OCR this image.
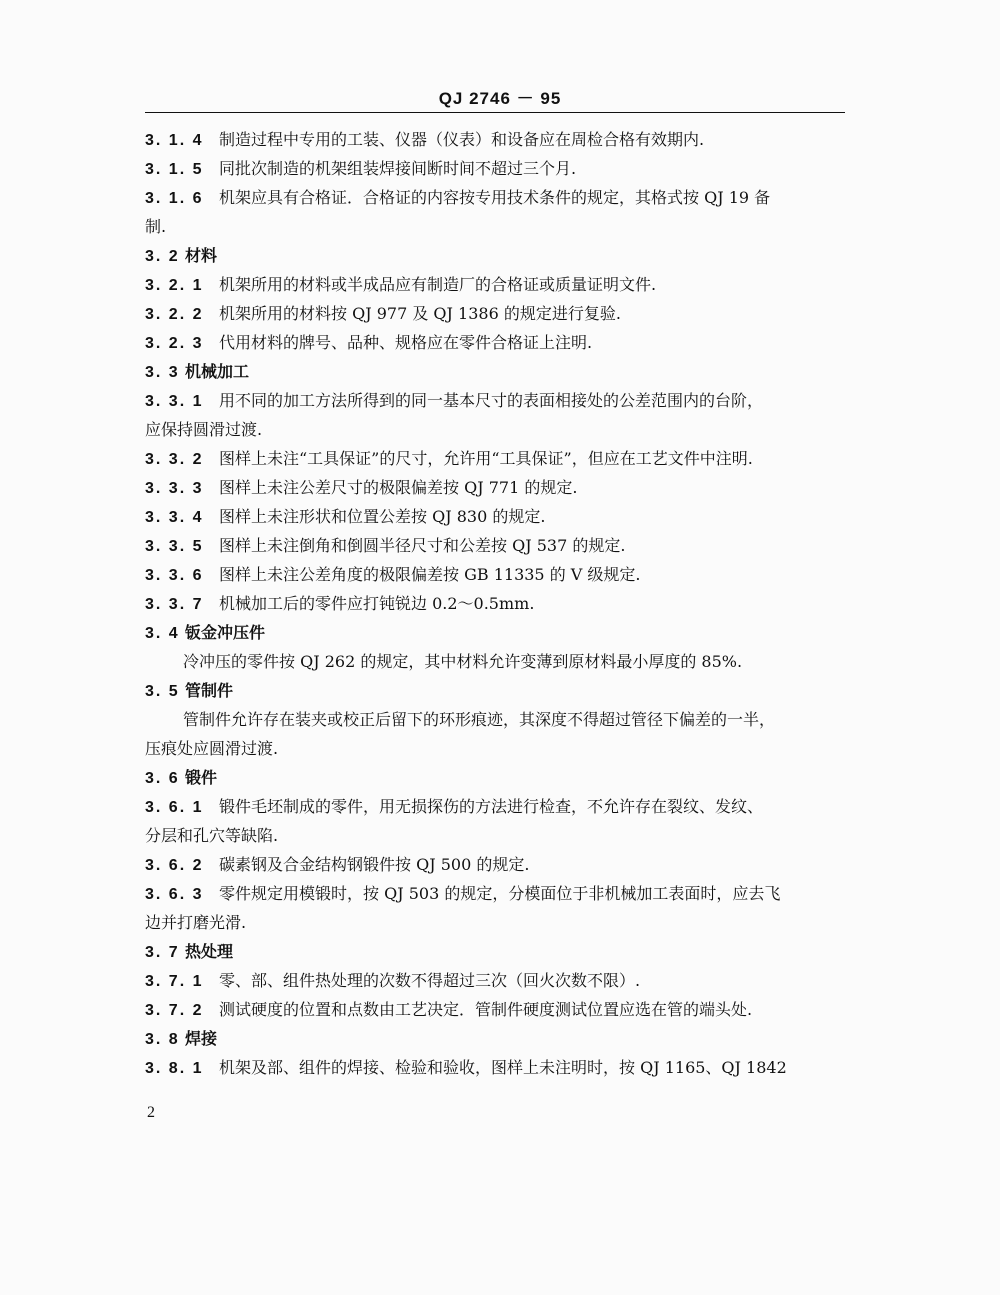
QJ 2746 － 95
3. 1. 4 制造过程中专用的工装、仪器（仪表）和设备应在周检合格有效期内.
3. 1. 5 同批次制造的机架组装焊接间断时间不超过三个月.
3. 1. 6 机架应具有合格证．合格证的内容按专用技术条件的规定，其格式按 QJ 19 备
制.
3. 2 材料
3. 2. 1 机架所用的材料或半成品应有制造厂的合格证或质量证明文件.
3. 2. 2 机架所用的材料按 QJ 977 及 QJ 1386 的规定进行复验.
3. 2. 3 代用材料的牌号、品种、规格应在零件合格证上注明.
3. 3 机械加工
3. 3. 1 用不同的加工方法所得到的同一基本尺寸的表面相接处的公差范围内的台阶，
应保持圆滑过渡.
3. 3. 2 图样上未注“工具保证”的尺寸，允许用“工具保证”，但应在工艺文件中注明.
3. 3. 3 图样上未注公差尺寸的极限偏差按 QJ 771 的规定.
3. 3. 4 图样上未注形状和位置公差按 QJ 830 的规定.
3. 3. 5 图样上未注倒角和倒圆半径尺寸和公差按 QJ 537 的规定.
3. 3. 6 图样上未注公差角度的极限偏差按 GB 11335 的 V 级规定.
3. 3. 7 机械加工后的零件应打钝锐边 0.2～0.5mm.
3. 4 钣金冲压件
冷冲压的零件按 QJ 262 的规定，其中材料允许变薄到原材料最小厚度的 85%.
3. 5 管制件
管制件允许存在装夹或校正后留下的环形痕迹，其深度不得超过管径下偏差的一半，
压痕处应圆滑过渡.
3. 6 锻件
3. 6. 1 锻件毛坯制成的零件，用无损探伤的方法进行检查，不允许存在裂纹、发纹、
分层和孔穴等缺陷.
3. 6. 2 碳素钢及合金结构钢锻件按 QJ 500 的规定.
3. 6. 3 零件规定用模锻时，按 QJ 503 的规定，分模面位于非机械加工表面时，应去飞
边并打磨光滑.
3. 7 热处理
3. 7. 1 零、部、组件热处理的次数不得超过三次（回火次数不限）.
3. 7. 2 测试硬度的位置和点数由工艺决定．管制件硬度测试位置应选在管的端头处.
3. 8 焊接
3. 8. 1 机架及部、组件的焊接、检验和验收，图样上未注明时，按 QJ 1165、QJ 1842
2
